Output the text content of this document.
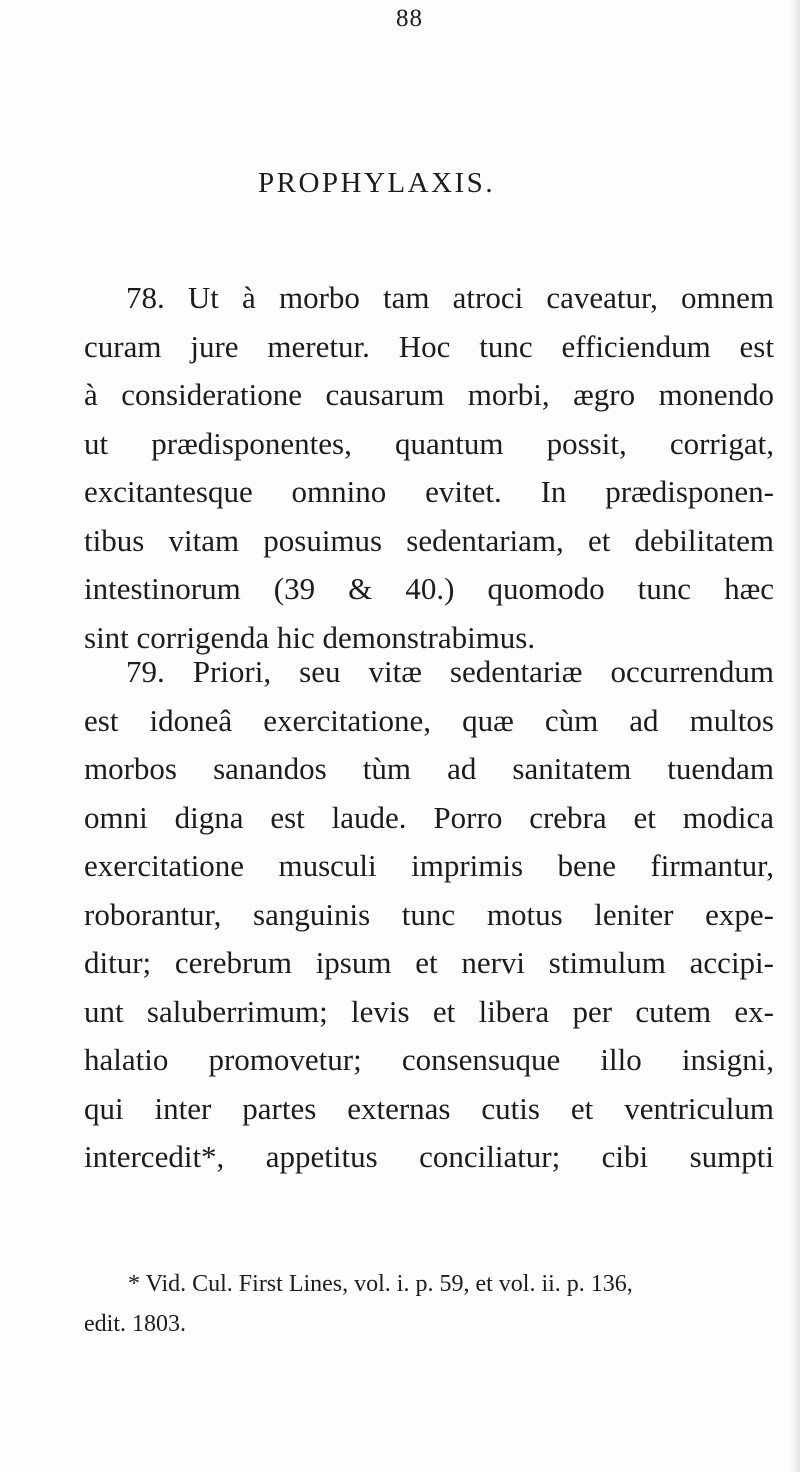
88
PROPHYLAXIS.
78. Ut à morbo tam atroci caveatur, omnem
curam jure meretur. Hoc tunc efficiendum est
à consideratione causarum morbi, ægro monendo
ut prædisponentes, quantum possit, corrigat,
excitantesque omnino evitet. In prædisponen-
tibus vitam posuimus sedentariam, et debilitatem
intestinorum (39 & 40.) quomodo tunc hæc
sint corrigenda hic demonstrabimus.
79. Priori, seu vitæ sedentariæ occurrendum
est idoneâ exercitatione, quæ cùm ad multos
morbos sanandos tùm ad sanitatem tuendam
omni digna est laude. Porro crebra et modica
exercitatione musculi imprimis bene firmantur,
roborantur, sanguinis tunc motus leniter expe-
ditur; cerebrum ipsum et nervi stimulum accipi-
unt saluberrimum; levis et libera per cutem ex-
halatio promovetur; consensuque illo insigni,
qui inter partes externas cutis et ventriculum
intercedit*, appetitus conciliatur; cibi sumpti
* Vid. Cul. First Lines, vol. i. p. 59, et vol. ii. p. 136,
edit. 1803.
